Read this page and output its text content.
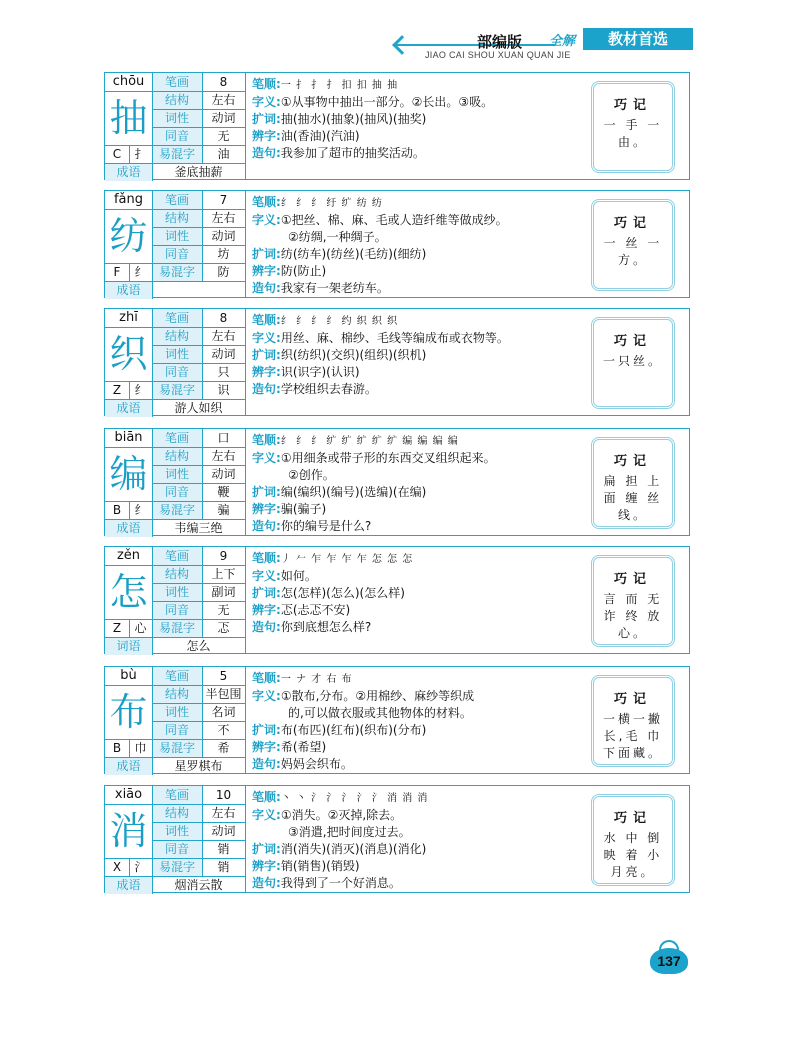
部编版 全解	教材首选
JIAO CAI SHOU XUAN QUAN JIE
chōu
抽
C	扌
笔画	8
结构	左右
词性	动词
同音	无
易混字	油
成语	釜底抽薪
笔顺:一 扌 扌 扌 扣 扣 抽 抽
字义:①从事物中抽出一部分。②长出。③吸。
扩词:抽(抽水)(抽象)(抽风)(抽奖)
辨字:油(香油)(汽油)
造句:我参加了超市的抽奖活动。
巧记
一 手 一
由。
fǎng
纺
F	纟
笔画	7
结构	左右
词性	动词
同音	坊
易混字	防
成语
笔顺:纟 纟 纟 纡 纩 纺 纺
字义:①把丝、棉、麻、毛或人造纤维等做成纱。
②纺绸,一种绸子。
扩词:纺(纺车)(纺丝)(毛纺)(细纺)
辨字:防(防止)
造句:我家有一架老纺车。
巧记
一 丝 一
方。
zhī
织
Z	纟
笔画	8
结构	左右
词性	动词
同音	只
易混字	识
成语	游人如织
笔顺:纟 纟 纟 纟 约 织 织 织
字义:用丝、麻、棉纱、毛线等编成布或衣物等。
扩词:织(纺织)(交织)(组织)(织机)
辨字:识(识字)(认识)
造句:学校组织去春游。
巧记
一只丝。
biān
编
B	纟
笔画	口
结构	左右
词性	动词
同音	鞭
易混字	骗
成语	韦编三绝
笔顺:纟 纟 纟 纩 纩 纩 纩 纩 编 编 编 编
字义:①用细条或带子形的东西交叉组织起来。
②创作。
扩词:编(编织)(编号)(选编)(在编)
辨字:骗(骗子)
造句:你的编号是什么?
巧记
扁 担 上
面 缠 丝
线。
zěn
怎
Z	心
笔画	9
结构	上下
词性	副词
同音	无
易混字	忑
词语	怎么
笔顺:丿 𠂉 乍 乍 乍 乍 怎 怎 怎
字义:如何。
扩词:怎(怎样)(怎么)(怎么样)
辨字:忑(忐忑不安)
造句:你到底想怎么样?
巧记
言 而 无
诈 终 放
心。
bù
布
B	巾
笔画	5
结构	半包围
词性	名词
同音	不
易混字	希
成语	星罗棋布
笔顺:一 ナ 才 右 布
字义:①散布,分布。②用棉纱、麻纱等织成
的,可以做衣服或其他物体的材料。
扩词:布(布匹)(红布)(织布)(分布)
辨字:希(希望)
造句:妈妈会织布。
巧记
一横一撇
长,毛 巾
下面藏。
xiāo
消
X	氵
笔画	10
结构	左右
词性	动词
同音	销
易混字	销
成语	烟消云散
笔顺:丶 丶 氵 氵 氵 氵 氵 消 消 消
字义:①消失。②灭掉,除去。
③消遣,把时间度过去。
扩词:消(消失)(消灭)(消息)(消化)
辨字:销(销售)(销毁)
造句:我得到了一个好消息。
巧记
水 中 倒
映 着 小
月亮。
137
